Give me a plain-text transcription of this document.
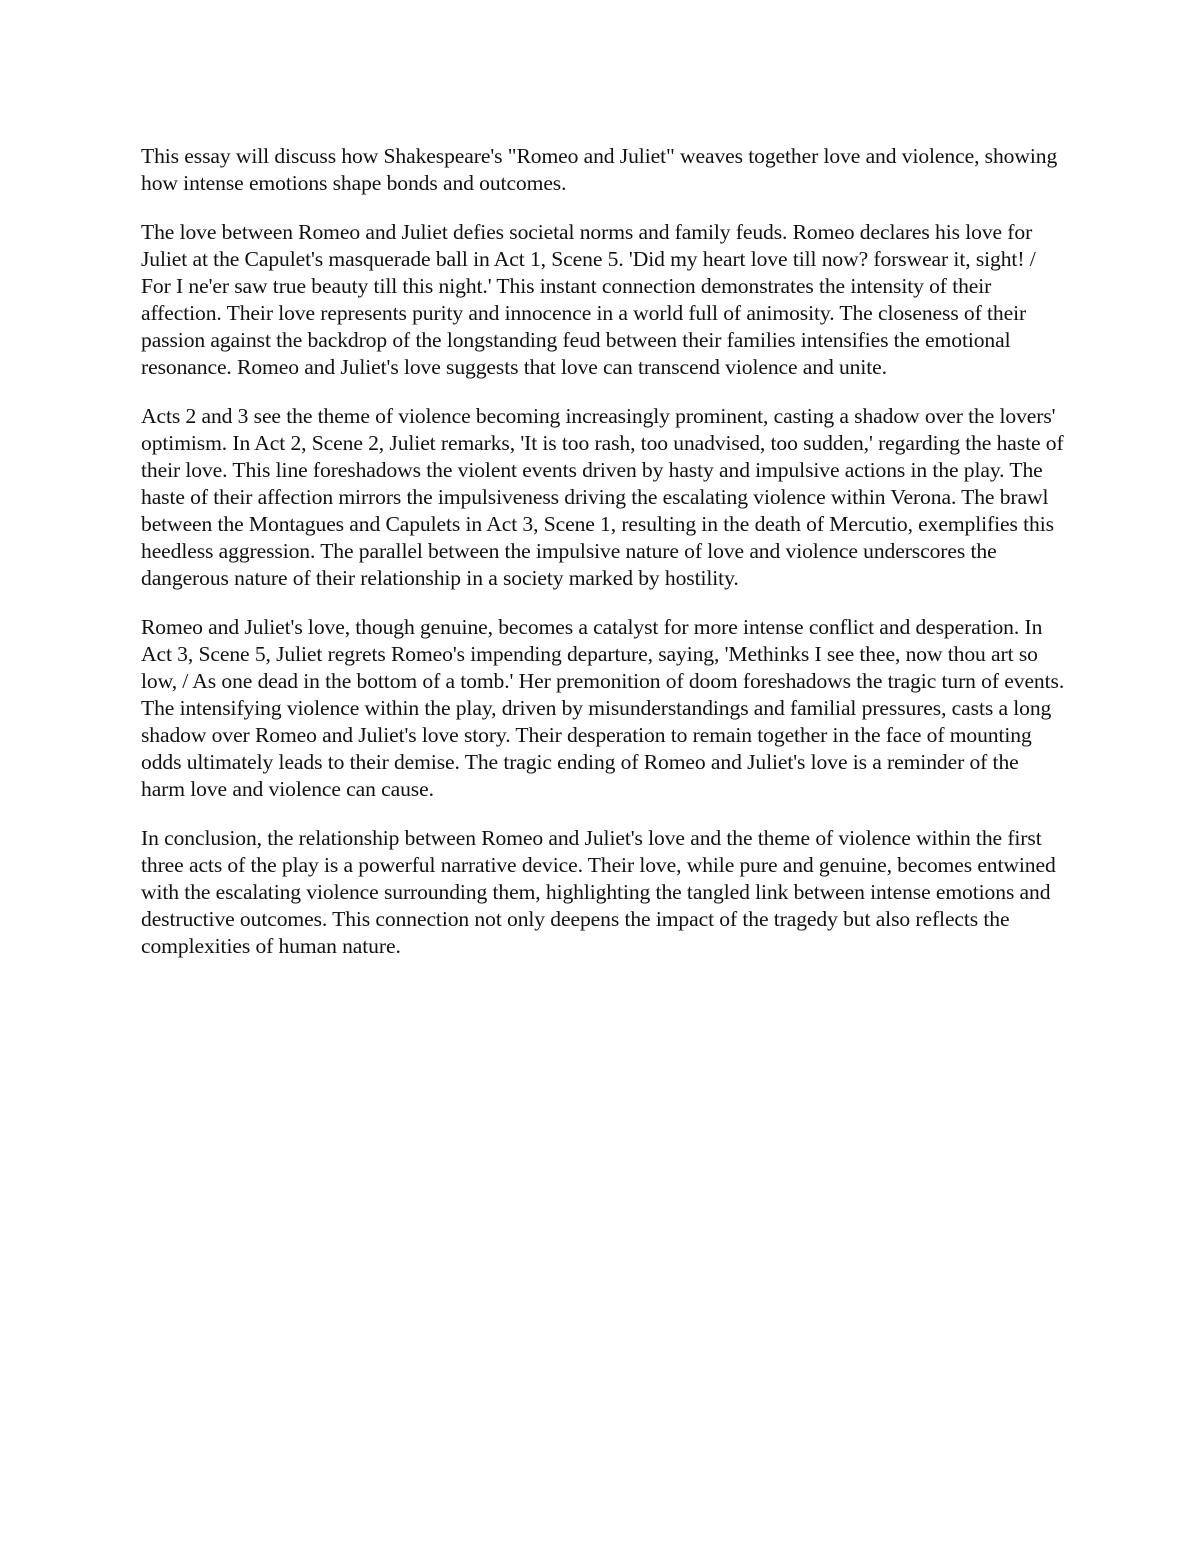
This essay will discuss how Shakespeare's "Romeo and Juliet" weaves together love and violence, showing how intense emotions shape bonds and outcomes.

The love between Romeo and Juliet defies societal norms and family feuds. Romeo declares his love for Juliet at the Capulet's masquerade ball in Act 1, Scene 5. 'Did my heart love till now? forswear it, sight! / For I ne'er saw true beauty till this night.' This instant connection demonstrates the intensity of their affection. Their love represents purity and innocence in a world full of animosity. The closeness of their passion against the backdrop of the longstanding feud between their families intensifies the emotional resonance. Romeo and Juliet's love suggests that love can transcend violence and unite.

Acts 2 and 3 see the theme of violence becoming increasingly prominent, casting a shadow over the lovers' optimism. In Act 2, Scene 2, Juliet remarks, 'It is too rash, too unadvised, too sudden,' regarding the haste of their love. This line foreshadows the violent events driven by hasty and impulsive actions in the play. The haste of their affection mirrors the impulsiveness driving the escalating violence within Verona. The brawl between the Montagues and Capulets in Act 3, Scene 1, resulting in the death of Mercutio, exemplifies this heedless aggression. The parallel between the impulsive nature of love and violence underscores the dangerous nature of their relationship in a society marked by hostility.

Romeo and Juliet's love, though genuine, becomes a catalyst for more intense conflict and desperation. In Act 3, Scene 5, Juliet regrets Romeo's impending departure, saying, 'Methinks I see thee, now thou art so low, / As one dead in the bottom of a tomb.' Her premonition of doom foreshadows the tragic turn of events. The intensifying violence within the play, driven by misunderstandings and familial pressures, casts a long shadow over Romeo and Juliet's love story. Their desperation to remain together in the face of mounting odds ultimately leads to their demise. The tragic ending of Romeo and Juliet's love is a reminder of the harm love and violence can cause.

In conclusion, the relationship between Romeo and Juliet's love and the theme of violence within the first three acts of the play is a powerful narrative device. Their love, while pure and genuine, becomes entwined with the escalating violence surrounding them, highlighting the tangled link between intense emotions and destructive outcomes. This connection not only deepens the impact of the tragedy but also reflects the complexities of human nature.
